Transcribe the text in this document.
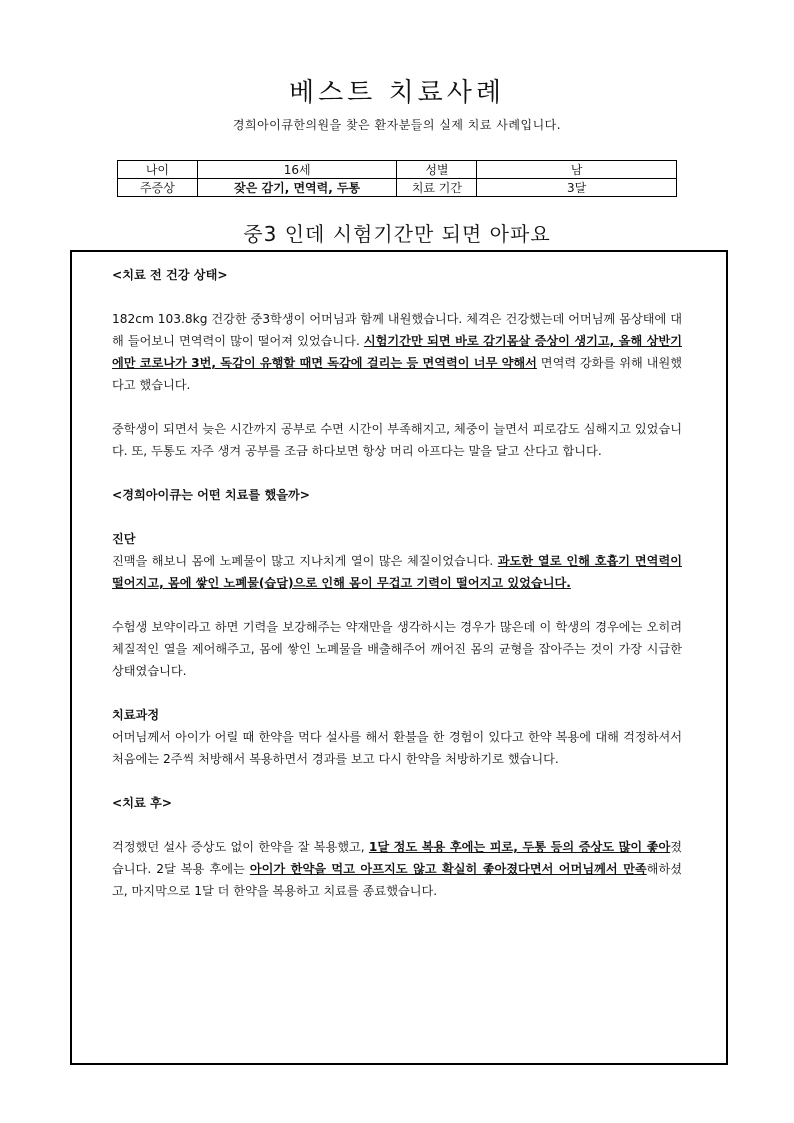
베스트 치료사례
경희아이큐한의원을 찾은 환자분들의 실제 치료 사례입니다.
나이	16세	성별	남
주증상	잦은 감기, 면역력, 두통	치료 기간	3달
중3 인데 시험기간만 되면 아파요

<치료 전 건강 상태>

182cm 103.8kg 건강한 중3학생이 어머님과 함께 내원했습니다. 체격은 건강했는데 어머님께 몸상태에 대해 들어보니 면역력이 많이 떨어져 있었습니다. 시험기간만 되면 바로 감기몸살 증상이 생기고, 올해 상반기에만 코로나가 3번, 독감이 유행할 때면 독감에 걸리는 등 면역력이 너무 약해서 면역력 강화를 위해 내원했다고 했습니다.

중학생이 되면서 늦은 시간까지 공부로 수면 시간이 부족해지고, 체중이 늘면서 피로감도 심해지고 있었습니다. 또, 두통도 자주 생겨 공부를 조금 하다보면 항상 머리 아프다는 말을 달고 산다고 합니다.

<경희아이큐는 어떤 치료를 했을까>

진단

진맥을 해보니 몸에 노폐물이 많고 지나치게 열이 많은 체질이었습니다. 과도한 열로 인해 호흡기 면역력이 떨어지고, 몸에 쌓인 노폐물(습담)으로 인해 몸이 무겁고 기력이 떨어지고 있었습니다.

수험생 보약이라고 하면 기력을 보강해주는 약재만을 생각하시는 경우가 많은데 이 학생의 경우에는 오히려 체질적인 열을 제어해주고, 몸에 쌓인 노폐물을 배출해주어 깨어진 몸의 균형을 잡아주는 것이 가장 시급한 상태였습니다.

치료과정

어머님께서 아이가 어릴 때 한약을 먹다 설사를 해서 환불을 한 경험이 있다고 한약 복용에 대해 걱정하셔서 처음에는 2주씩 처방해서 복용하면서 경과를 보고 다시 한약을 처방하기로 했습니다.

<치료 후>

걱정했던 설사 증상도 없이 한약을 잘 복용했고, 1달 정도 복용 후에는 피로, 두통 등의 증상도 많이 좋아졌습니다. 2달 복용 후에는 아이가 한약을 먹고 아프지도 않고 확실히 좋아졌다면서 어머님께서 만족해하셨고, 마지막으로 1달 더 한약을 복용하고 치료를 종료했습니다.
